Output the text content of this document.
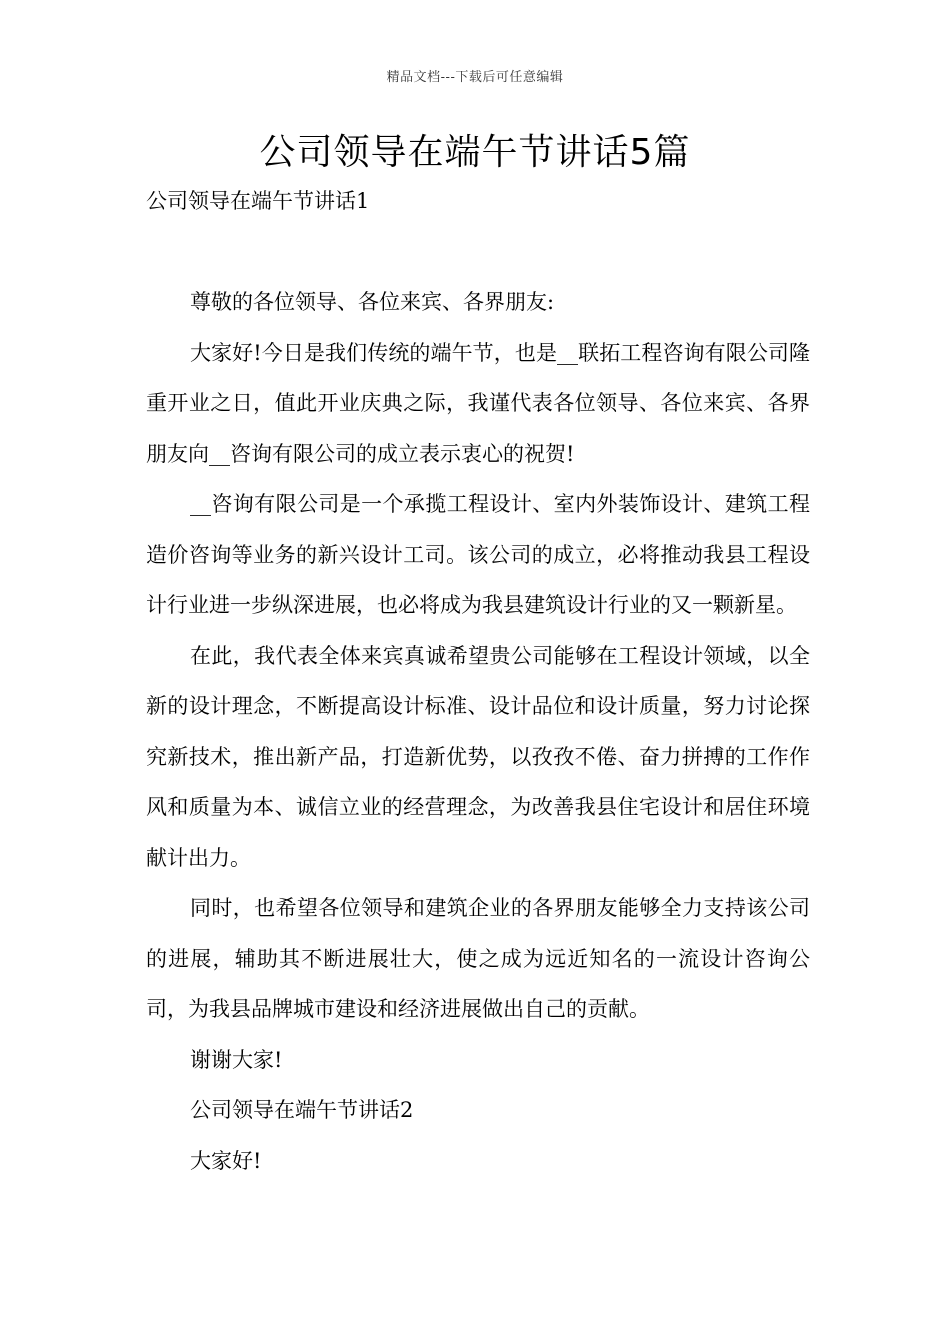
精品文档---下载后可任意编辑
公司领导在端午节讲话5篇
公司领导在端午节讲话1

尊敬的各位领导、各位来宾、各界朋友:

大家好!今日是我们传统的端午节，也是__联拓工程咨询有限公司隆重开业之日，值此开业庆典之际，我谨代表各位领导、各位来宾、各界朋友向__咨询有限公司的成立表示衷心的祝贺!

__咨询有限公司是一个承揽工程设计、室内外装饰设计、建筑工程造价咨询等业务的新兴设计工司。该公司的成立，必将推动我县工程设计行业进一步纵深进展，也必将成为我县建筑设计行业的又一颗新星。

在此，我代表全体来宾真诚希望贵公司能够在工程设计领域，以全新的设计理念，不断提高设计标准、设计品位和设计质量，努力讨论探究新技术，推出新产品，打造新优势，以孜孜不倦、奋力拼搏的工作作风和质量为本、诚信立业的经营理念，为改善我县住宅设计和居住环境献计出力。

同时，也希望各位领导和建筑企业的各界朋友能够全力支持该公司的进展，辅助其不断进展壮大，使之成为远近知名的一流设计咨询公司，为我县品牌城市建设和经济进展做出自己的贡献。

谢谢大家!

公司领导在端午节讲话2

大家好!
